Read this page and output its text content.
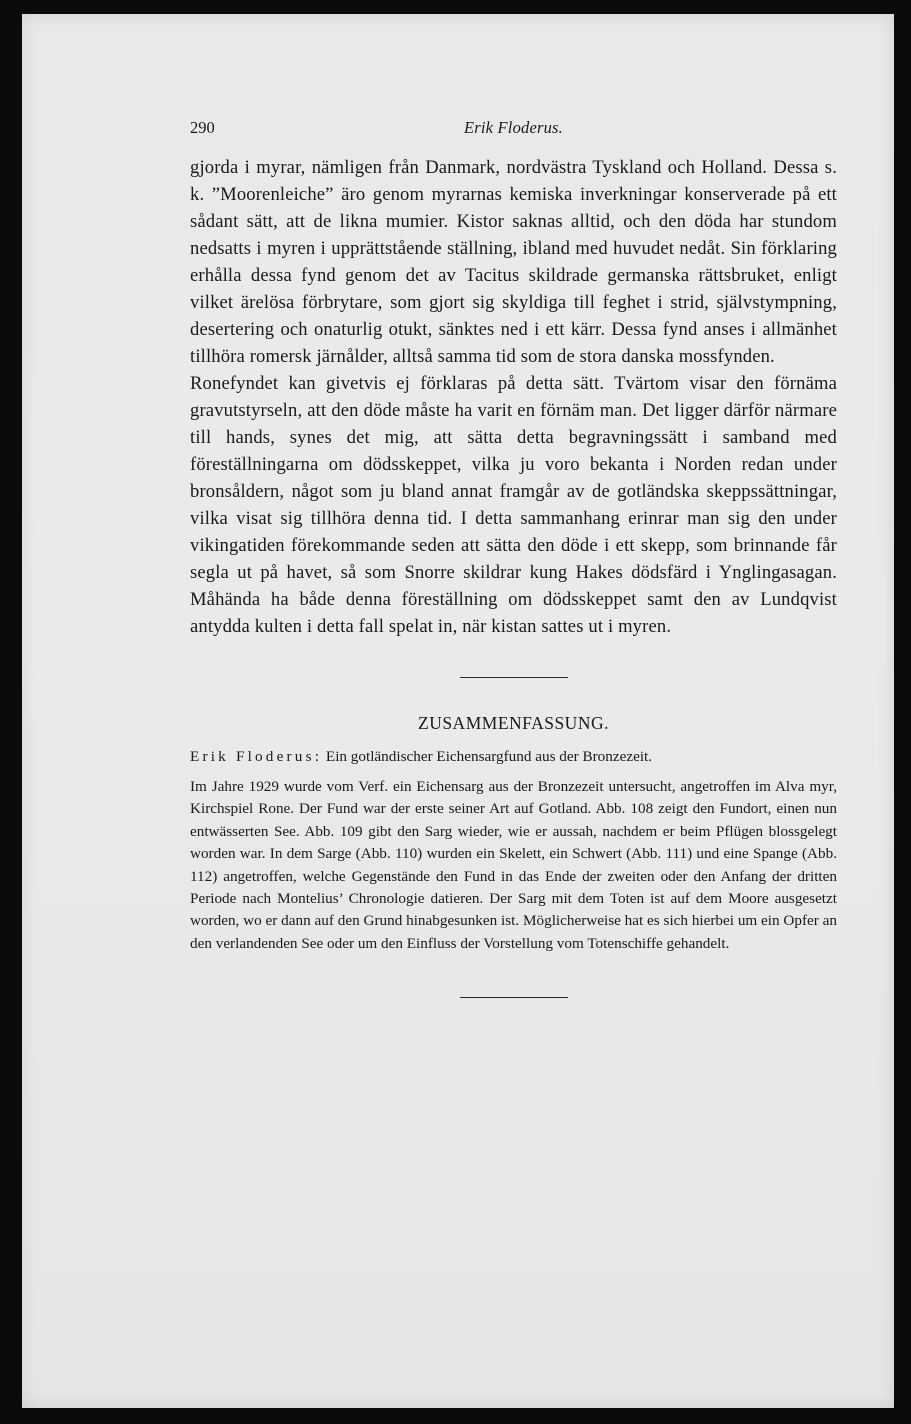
290	Erik Floderus.

gjorda i myrar, nämligen från Danmark, nordvästra Tyskland och Holland. Dessa s. k. ”Moorenleiche” äro genom myrarnas kemiska inverkningar konserverade på ett sådant sätt, att de likna mumier. Kistor saknas alltid, och den döda har stundom nedsatts i myren i upprättstående ställning, ibland med huvudet nedåt. Sin förklaring erhålla dessa fynd genom det av Tacitus skildrade germanska rättsbruket, enligt vilket ärelösa förbrytare, som gjort sig skyldiga till feghet i strid, självstympning, desertering och onaturlig otukt, sänktes ned i ett kärr. Dessa fynd anses i allmänhet tillhöra romersk järnålder, alltså samma tid som de stora danska mossfynden.

Ronefyndet kan givetvis ej förklaras på detta sätt. Tvärtom visar den förnäma gravutstyrseln, att den döde måste ha varit en förnäm man. Det ligger därför närmare till hands, synes det mig, att sätta detta begravningssätt i samband med föreställningarna om dödsskeppet, vilka ju voro bekanta i Norden redan under bronsåldern, något som ju bland annat framgår av de gotländska skeppssättningar, vilka visat sig tillhöra denna tid. I detta sammanhang erinrar man sig den under vikingatiden förekommande seden att sätta den döde i ett skepp, som brinnande får segla ut på havet, så som Snorre skildrar kung Hakes dödsfärd i Ynglingasagan. Måhända ha både denna föreställning om dödsskeppet samt den av Lundqvist antydda kulten i detta fall spelat in, när kistan sattes ut i myren.

ZUSAMMENFASSUNG.
Erik Floderus: Ein gotländischer Eichensargfund aus der Bronzezeit.
Im Jahre 1929 wurde vom Verf. ein Eichensarg aus der Bronzezeit untersucht, angetroffen im Alva myr, Kirchspiel Rone. Der Fund war der erste seiner Art auf Gotland. Abb. 108 zeigt den Fundort, einen nun entwässerten See. Abb. 109 gibt den Sarg wieder, wie er aussah, nachdem er beim Pflügen blossgelegt worden war. In dem Sarge (Abb. 110) wurden ein Skelett, ein Schwert (Abb. 111) und eine Spange (Abb. 112) angetroffen, welche Gegenstände den Fund in das Ende der zweiten oder den Anfang der dritten Periode nach Montelius’ Chronologie datieren. Der Sarg mit dem Toten ist auf dem Moore ausgesetzt worden, wo er dann auf den Grund hinabgesunken ist. Möglicherweise hat es sich hierbei um ein Opfer an den verlandenden See oder um den Einfluss der Vorstellung vom Totenschiffe gehandelt.
